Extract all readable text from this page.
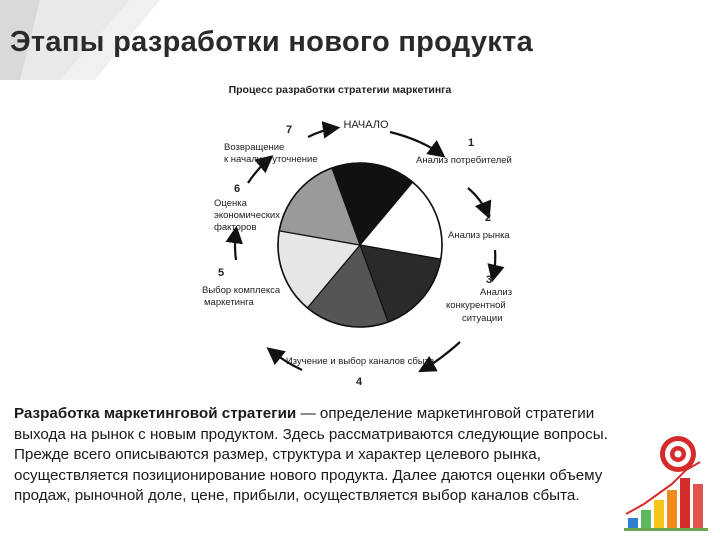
Этапы разработки нового продукта
Процесс разработки стратегии маркетинга
НАЧАЛО
1
Анализ потребителей
2
Анализ рынка
3
Анализ
конкурентной
ситуации
Изучение и выбор каналов сбыта
4
5
Выбор комплекса
маркетинга
6
Оценка
экономических
факторов
7
Возвращение
к началу и уточнение
Разработка маркетинговой стратегии — определение маркетинговой стратегии выхода на рынок с новым продуктом. Здесь рассматриваются следующие вопросы. Прежде всего описываются размер, структура и характер целевого рынка, осуществляется позиционирование нового продукта. Далее даются оценки объему продаж, рыночной доле, цене, прибыли, осуществляется выбор каналов сбыта.
